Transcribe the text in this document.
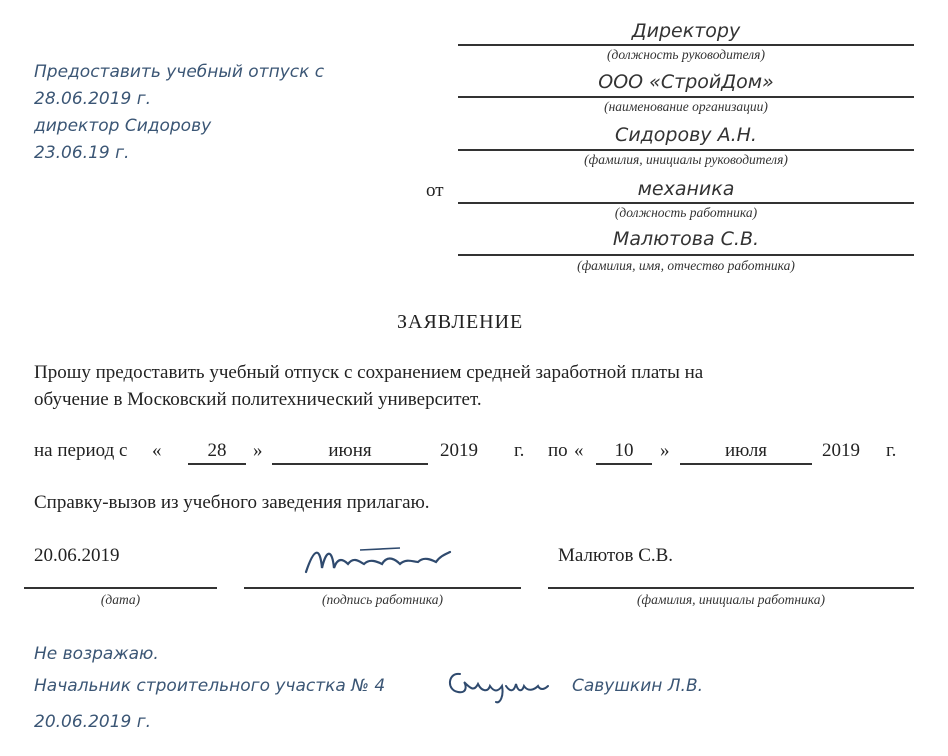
Предоставить учебный отпуск с
28.06.2019 г.
директор Сидорову
23.06.19 г.
Директору
(должность руководителя)
ООО «СтройДом»
(наименование организации)
Сидорову А.Н.
(фамилия, инициалы руководителя)
от	механика
(должность работника)
Малютова С.В.
(фамилия, имя, отчество работника)
ЗАЯВЛЕНИЕ
Прошу предоставить учебный отпуск с сохранением средней заработной платы на
обучение в Московский политехнический университет.
на период с «	28	»	июня	2019 г. по «	10	»	июля	2019 г.
Справку-вызов из учебного заведения прилагаю.
20.06.2019
(дата)	(подпись работника)
Малютов С.В.
(фамилия, инициалы работника)
Не возражаю.
Начальник строительного участка № 4	Савушкин Л.В.
20.06.2019 г.
